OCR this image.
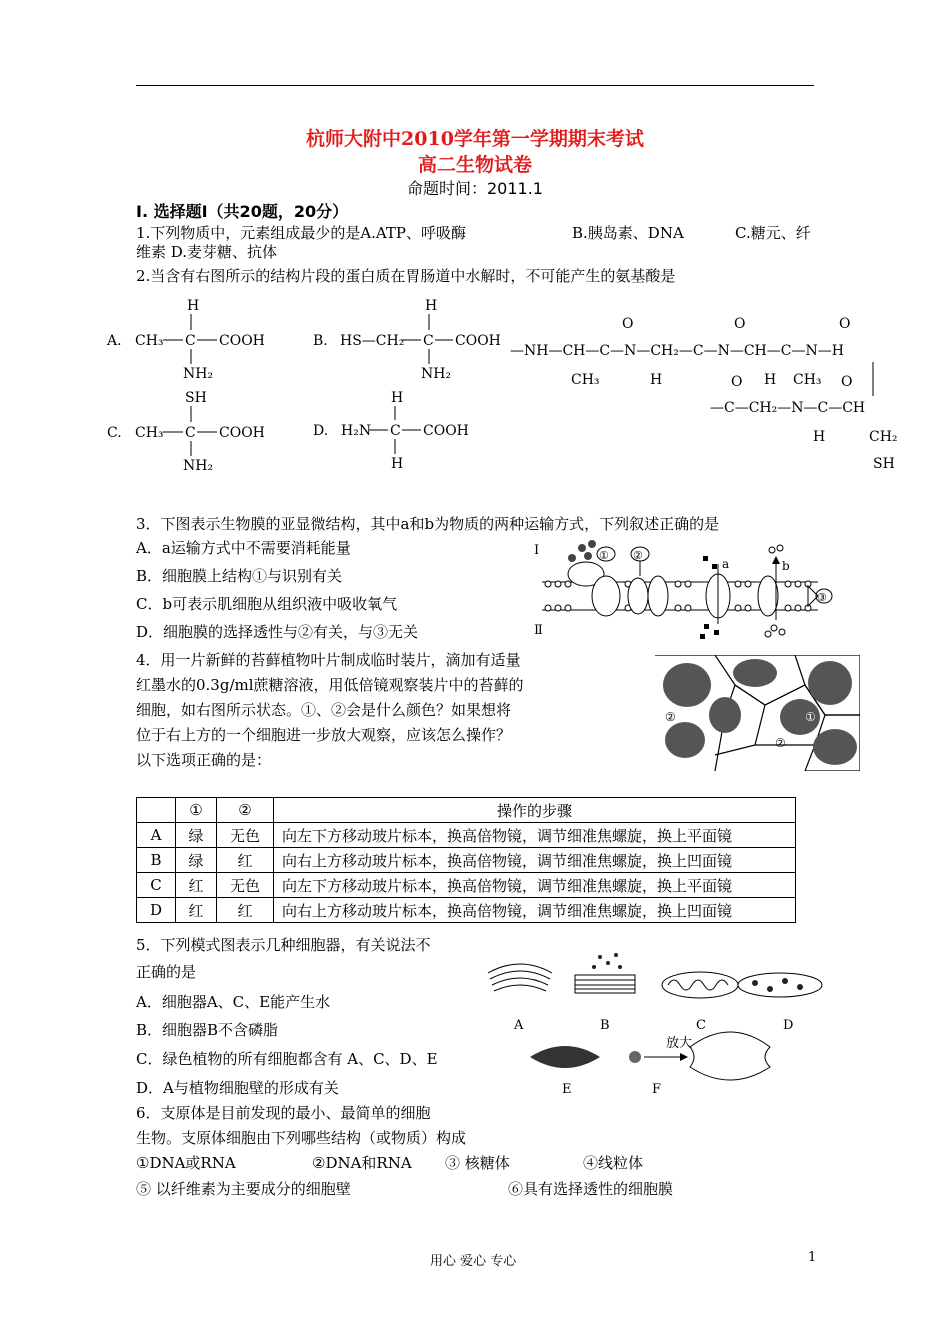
杭师大附中2010学年第一学期期末考试
高二生物试卷
命题时间：2011.1
Ⅰ. 选择题Ⅰ（共20题，20分）
1.下列物质中，元素组成最少的是A.ATP、呼吸酶	B.胰岛素、DNA	C.糖元、纤
维素 D.麦芽糖、抗体
2.当含有右图所示的结构片段的蛋白质在胃肠道中水解时，不可能产生的氨基酸是
A.
H
CH₃ C COOH
NH₂
B.
H
HS—CH₂ C COOH
NH₂
C.
SH
CH₃ C COOH
NH₂
D.
H
H₂N C COOH
H
—NH—CH—C—N—CH₂—C—N—CH—C—N—H
O	O	O
CH₃	H	H CH₃
O	O
—C—CH₂—N—C—CH
H	CH₂
SH
3．下图表示生物膜的亚显微结构，其中a和b为物质的两种运输方式，下列叙述正确的是
A．a运输方式中不需要消耗能量
B．细胞膜上结构①与识别有关
C．b可表示肌细胞从组织液中吸收氧气
D．细胞膜的选择透性与②有关，与③无关
Ⅰ
Ⅱ
① ②
a	b
③
4．用一片新鲜的苔藓植物叶片制成临时装片，滴加有适量
红墨水的0.3g/ml蔗糖溶液，用低倍镜观察装片中的苔藓的
细胞，如右图所示状态。①、②会是什么颜色？如果想将
位于右上方的一个细胞进一步放大观察，应该怎么操作？
以下选项正确的是：
①
②
②
	①	②	操作的步骤
A	绿	无色	向左下方移动玻片标本，换高倍物镜，调节细准焦螺旋，换上平面镜
B	绿	红	向右上方移动玻片标本，换高倍物镜，调节细准焦螺旋，换上凹面镜
C	红	无色	向左下方移动玻片标本，换高倍物镜，调节细准焦螺旋，换上平面镜
D	红	红	向右上方移动玻片标本，换高倍物镜，调节细准焦螺旋，换上凹面镜
5．下列模式图表示几种细胞器，有关说法不
正确的是
A．细胞器A、C、E能产生水
B．细胞器B不含磷脂
C．绿色植物的所有细胞都含有 A、C、D、E
D．A与植物细胞壁的形成有关
A	B	C	D
E	F
放大
6．支原体是目前发现的最小、最简单的细胞
生物。支原体细胞由下列哪些结构（或物质）构成
①DNA或RNA	②DNA和RNA ③ 核糖体	④线粒体
⑤ 以纤维素为主要成分的细胞壁	⑥具有选择透性的细胞膜
用心 爱心 专心	1
